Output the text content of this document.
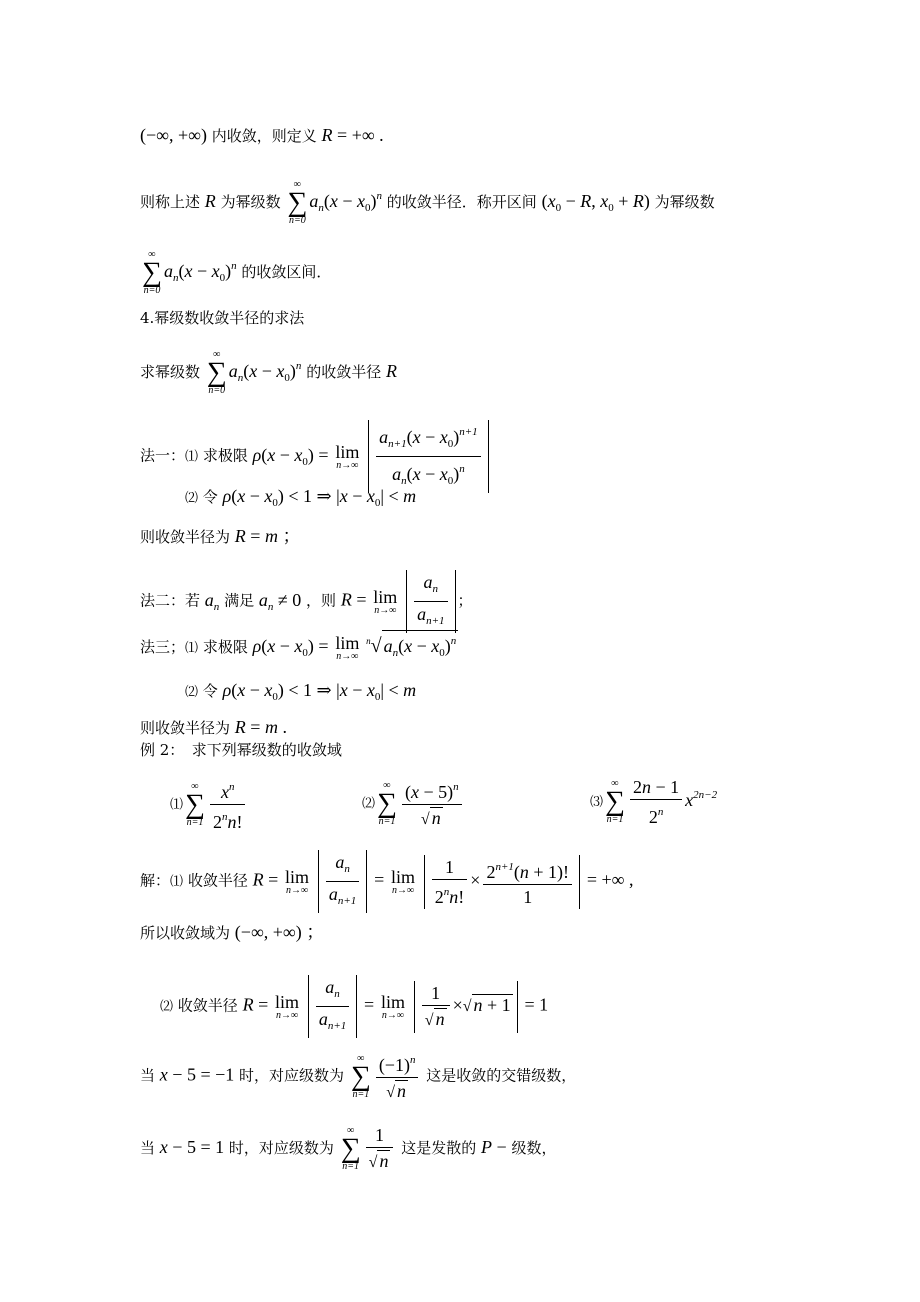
(−∞, +∞) 内收敛，则定义 R = +∞ .
则称上述 R 为幂级数
∞
∑
n=0
$a_n(x - x_0)^n$ 的收敛半径．称开区间 ($x_0 - R$, $x_0 + R$) 为幂级数
∞
∑
n=0
$a_n(x - x_0)^n$ 的收敛区间．
4.幂级数收敛半径的求法
求幂级数
∞
∑
n=0
$a_n(x - x_0)^n$ 的收敛半径 R
法一：⑴ 求极限 $\rho(x - x_0) = \lim$
n→∞
$\frac{a_{n+1}(x - x_0)^{n+1}}{a_n(x - x_0)^n}$
⑵ 令 $\rho(x - x_0) < 1$ ⇒ $|x - x_0| < m$
则收敛半径为 R = m ；
法二：若 $a_n$ 满足 $a_n \ne 0$ ，则 R = lim
n→∞
$\frac{a_n}{a_{n+1}}$ ；
法三；⑴ 求极限 $\rho(x - x_0) = \lim$
n→∞
$^n$√ $a_n(x - x_0)^n$
⑵ 令 $\rho(x - x_0) < 1$ ⇒ $|x - x_0| < m$
则收敛半径为 R = m .
例 2：　求下列幂级数的收敛域
⑴
∞
∑
$n=1 \frac{x^n}{2^nn!}$	⑵
∞
∑
$n=1 \frac{(x - 5)^n}{√ n}$	⑶
∞
∑
$n=1 \frac{2n - 1}{2^n} x^{2n-2}$
解：⑴ 收敛半径 R = lim
n→∞
$\frac{a_n}{a_{n+1}} = \lim$
n→∞
$\frac{1}{2^nn!} \times \frac{2^{n+1}(n + 1)!}{1}$ = +∞ ,
所以收敛域为 (−∞, +∞) ；
⑵ 收敛半径 R = lim
n→∞
$\frac{a_n}{a_{n+1}} = \lim$
n→∞
$\frac{1}{√ n}$ ×√ n + 1 = 1
当 x − 5 = −1 时，对应级数为
∞
∑
$n=1 \frac{(-1)^n}{√ n}$ 这是收敛的交错级数，
当 x − 5 = 1 时，对应级数为
∞
∑
$n=1 \frac{1}{√ n}$ 这是发散的 P − 级数，
